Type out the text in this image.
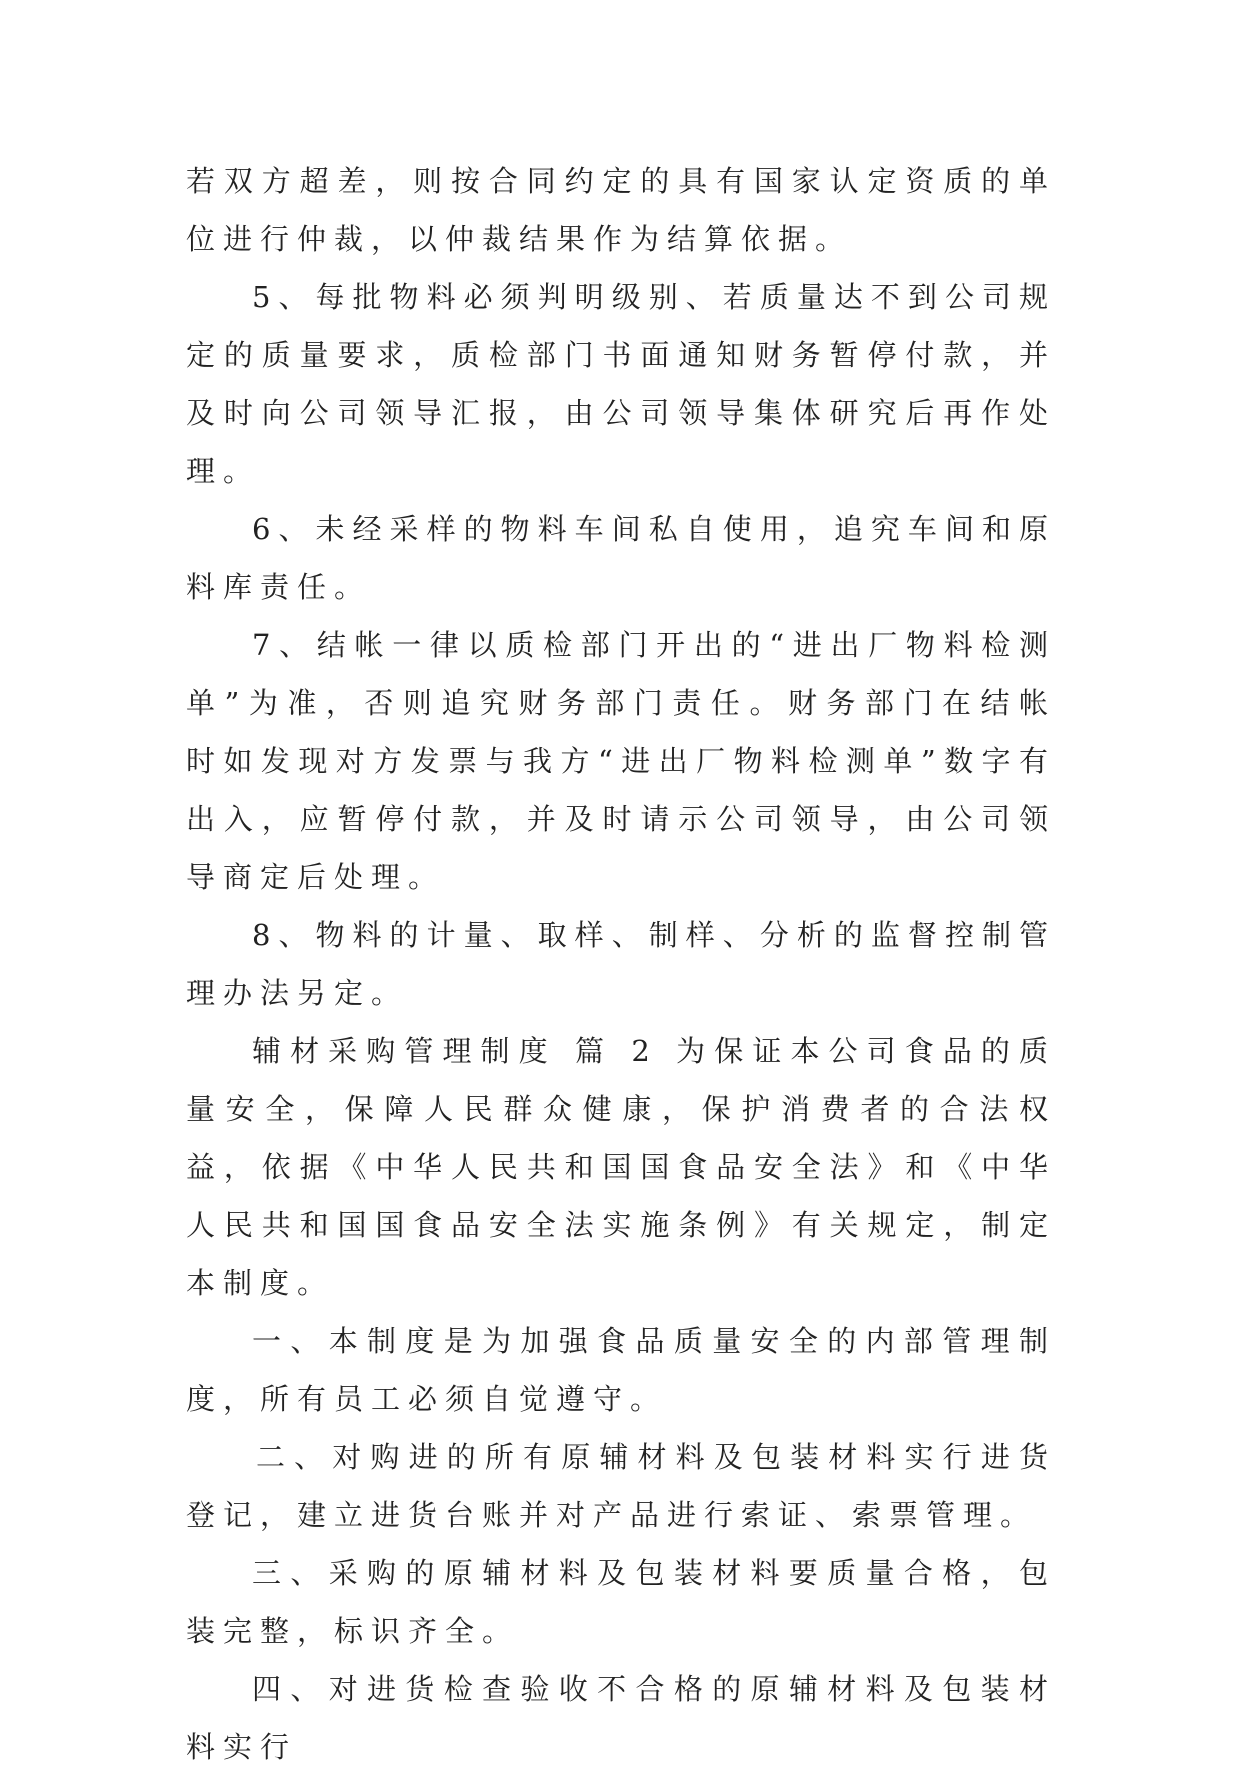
若双方超差，则按合同约定的具有国家认定资质的单位进行仲裁，以仲裁结果作为结算依据。

5、每批物料必须判明级别、若质量达不到公司规定的质量要求，质检部门书面通知财务暂停付款，并及时向公司领导汇报，由公司领导集体研究后再作处理。

6、未经采样的物料车间私自使用，追究车间和原料库责任。

7、结帐一律以质检部门开出的“进出厂物料检测单”为准，否则追究财务部门责任。财务部门在结帐时如发现对方发票与我方“进出厂物料检测单”数字有出入，应暂停付款，并及时请示公司领导，由公司领导商定后处理。

8、物料的计量、取样、制样、分析的监督控制管理办法另定。

辅材采购管理制度 篇 2 为保证本公司食品的质量安全，保障人民群众健康，保护消费者的合法权益，依据《中华人民共和国国食品安全法》和《中华人民共和国国食品安全法实施条例》有关规定，制定本制度。

一、本制度是为加强食品质量安全的内部管理制度，所有员工必须自觉遵守。

二、对购进的所有原辅材料及包装材料实行进货登记，建立进货台账并对产品进行索证、索票管理。

三、采购的原辅材料及包装材料要质量合格，包装完整，标识齐全。

四、对进货检查验收不合格的原辅材料及包装材料实行
